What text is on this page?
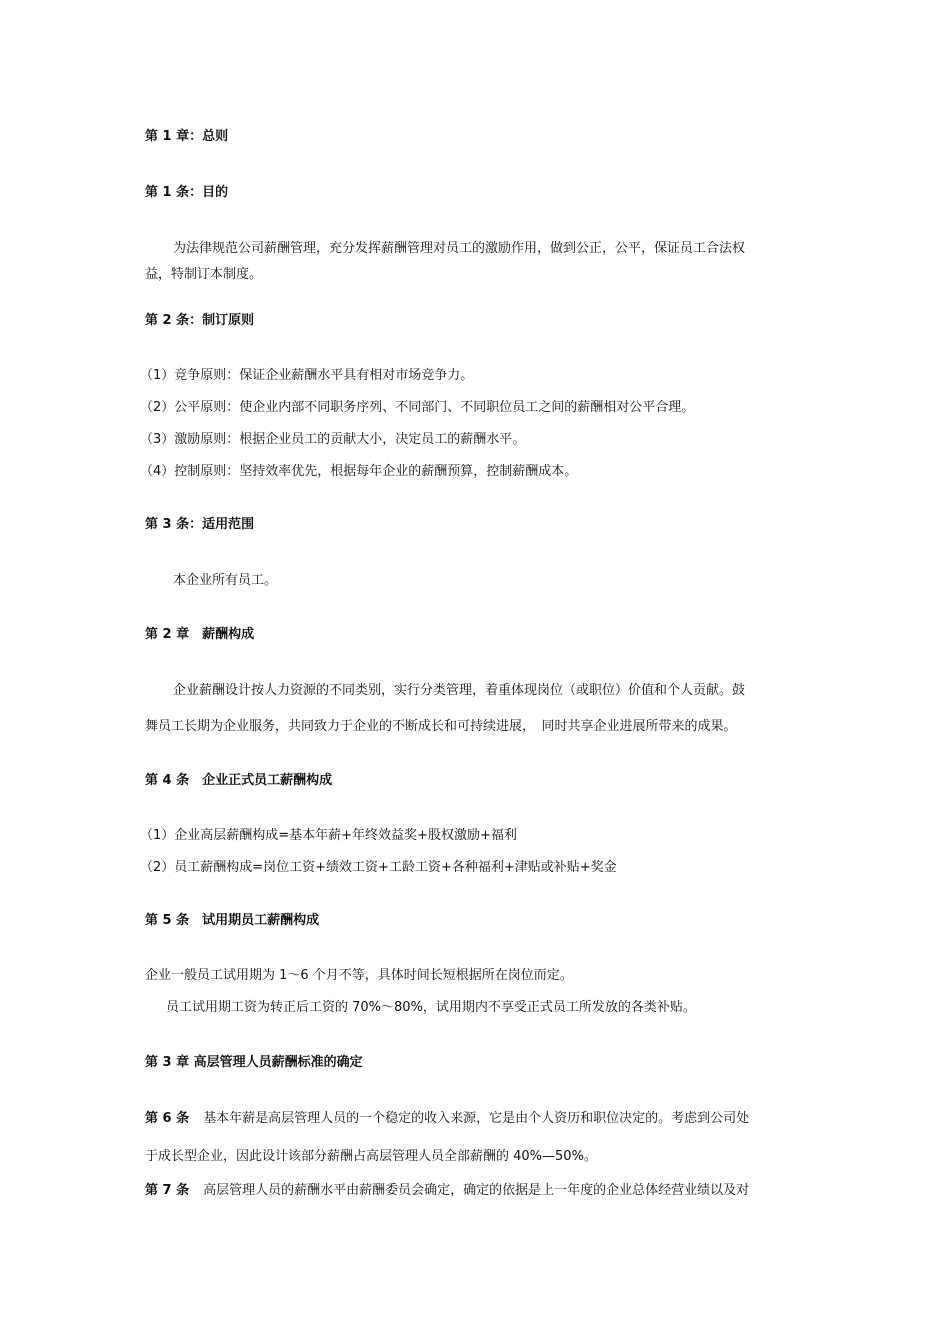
第 1 章：总则
第 1 条：目的
为法律规范公司薪酬管理，充分发挥薪酬管理对员工的激励作用，做到公正，公平，保证员工合法权
益，特制订本制度。
第 2 条：制订原则
（1）竞争原则：保证企业薪酬水平具有相对市场竞争力。
（2）公平原则：使企业内部不同职务序列、不同部门、不同职位员工之间的薪酬相对公平合理。
（3）激励原则：根据企业员工的贡献大小，决定员工的薪酬水平。
（4）控制原则：坚持效率优先，根据每年企业的薪酬预算，控制薪酬成本。
第 3 条：适用范围
本企业所有员工。
第 2 章　薪酬构成
企业薪酬设计按人力资源的不同类别，实行分类管理，着重体现岗位（或职位）价值和个人贡献。鼓
舞员工长期为企业服务，共同致力于企业的不断成长和可持续进展，　同时共享企业进展所带来的成果。
第 4 条　企业正式员工薪酬构成
（1）企业高层薪酬构成=基本年薪+年终效益奖+股权激励+福利
（2）员工薪酬构成=岗位工资+绩效工资+工龄工资+各种福利+津贴或补贴+奖金
第 5 条　试用期员工薪酬构成
企业一般员工试用期为 1～6 个月不等，具体时间长短根据所在岗位而定。
员工试用期工资为转正后工资的 70%～80%，试用期内不享受正式员工所发放的各类补贴。
第 3 章 高层管理人员薪酬标准的确定
第 6 条 基本年薪是高层管理人员的一个稳定的收入来源，它是由个人资历和职位决定的。考虑到公司处
于成长型企业，因此设计该部分薪酬占高层管理人员全部薪酬的 40%—50%。
第 7 条 高层管理人员的薪酬水平由薪酬委员会确定，确定的依据是上一年度的企业总体经营业绩以及对
